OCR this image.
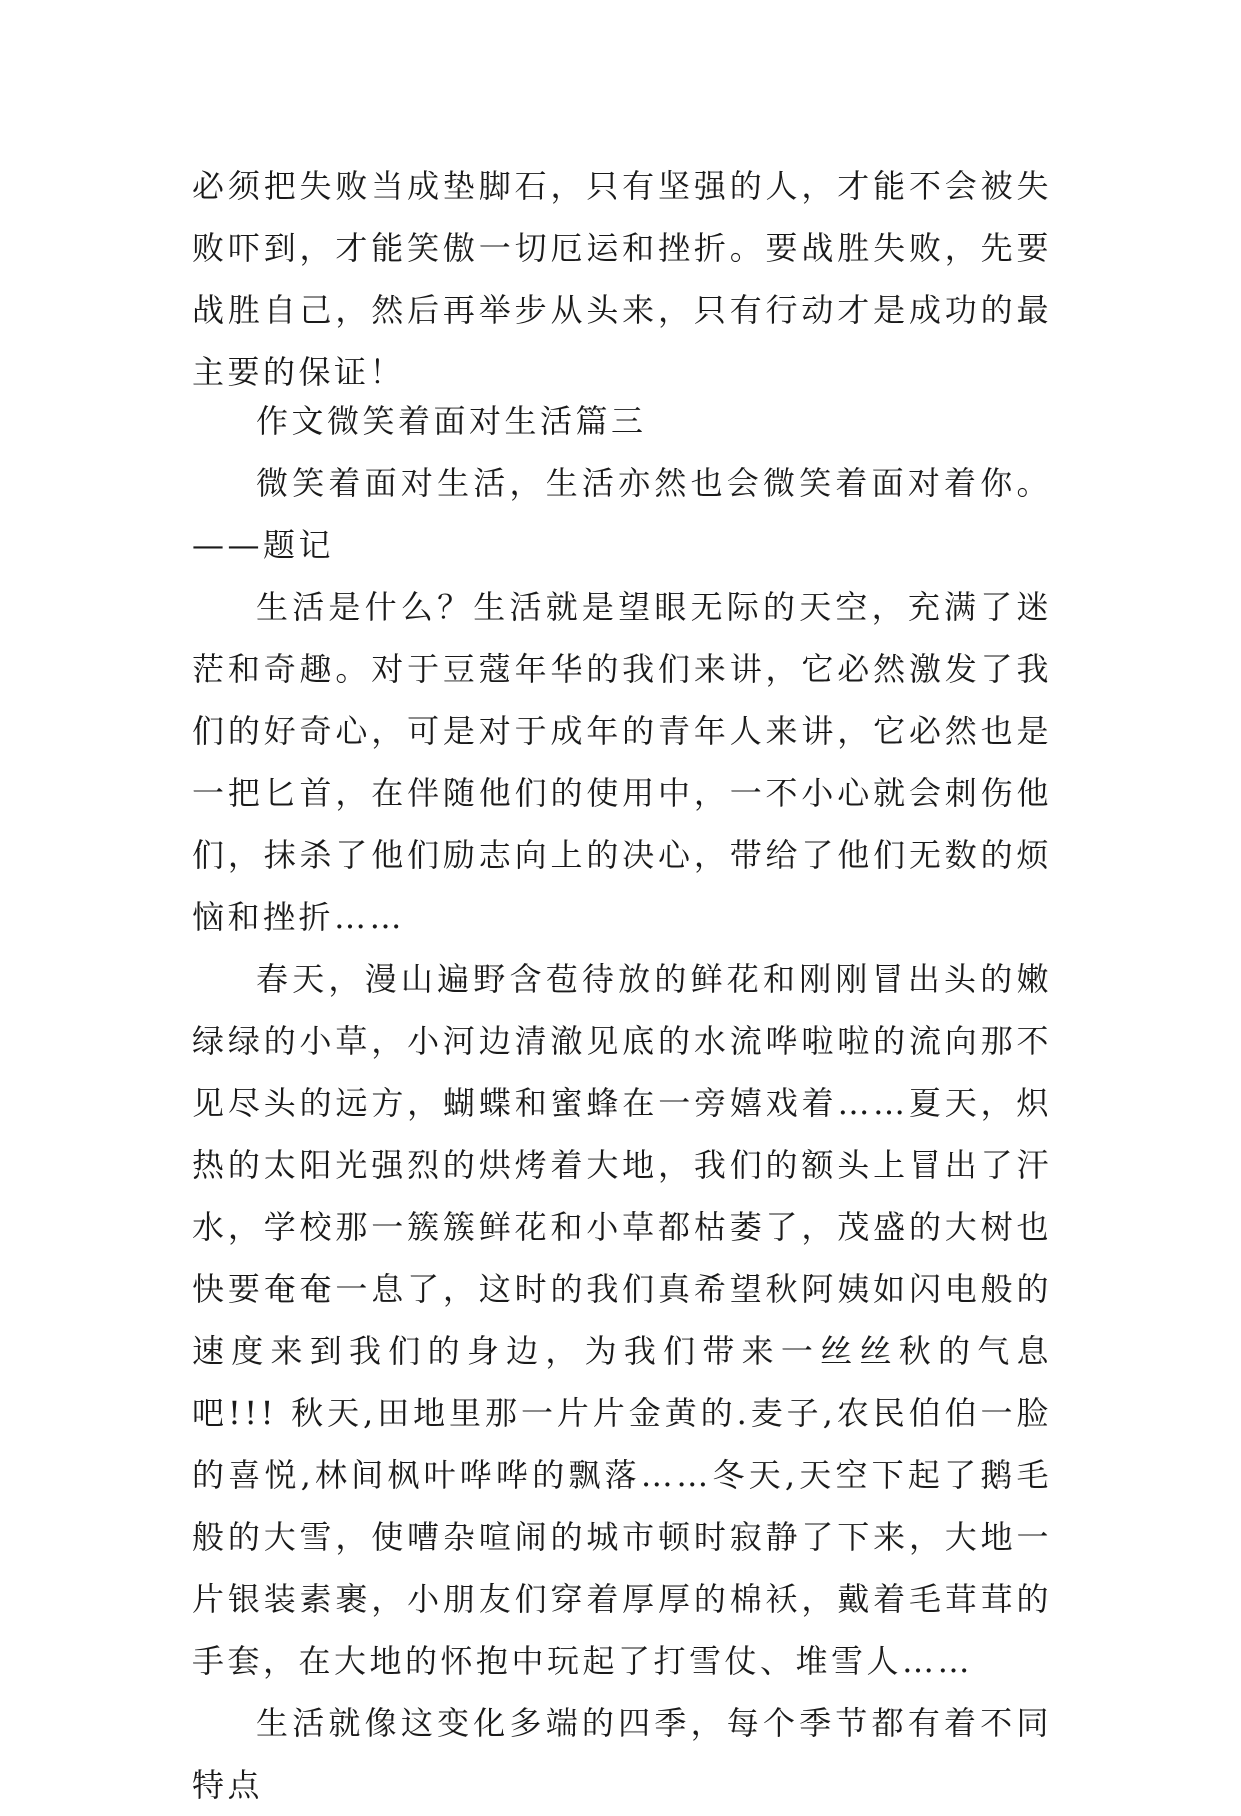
必须把失败当成垫脚石，只有坚强的人，才能不会被失败吓到，才能笑傲一切厄运和挫折。要战胜失败，先要战胜自己，然后再举步从头来，只有行动才是成功的最主要的保证！

作文微笑着面对生活篇三

微笑着面对生活，生活亦然也会微笑着面对着你。——题记

生活是什么？生活就是望眼无际的天空，充满了迷茫和奇趣。对于豆蔻年华的我们来讲，它必然激发了我们的好奇心，可是对于成年的青年人来讲，它必然也是一把匕首，在伴随他们的使用中，一不小心就会刺伤他们，抹杀了他们励志向上的决心，带给了他们无数的烦恼和挫折……

春天，漫山遍野含苞待放的鲜花和刚刚冒出头的嫩绿绿的小草，小河边清澈见底的水流哗啦啦的流向那不见尽头的远方，蝴蝶和蜜蜂在一旁嬉戏着……夏天，炽热的太阳光强烈的烘烤着大地，我们的额头上冒出了汗水，学校那一簇簇鲜花和小草都枯萎了，茂盛的大树也快要奄奄一息了，这时的我们真希望秋阿姨如闪电般的速度来到我们的身边，为我们带来一丝丝秋的气息吧!!! 秋天,田地里那一片片金黄的.麦子,农民伯伯一脸的喜悦,林间枫叶哗哗的飘落……冬天,天空下起了鹅毛般的大雪，使嘈杂喧闹的城市顿时寂静了下来，大地一片银装素裹，小朋友们穿着厚厚的棉袄，戴着毛茸茸的手套，在大地的怀抱中玩起了打雪仗、堆雪人……

生活就像这变化多端的四季，每个季节都有着不同特点
